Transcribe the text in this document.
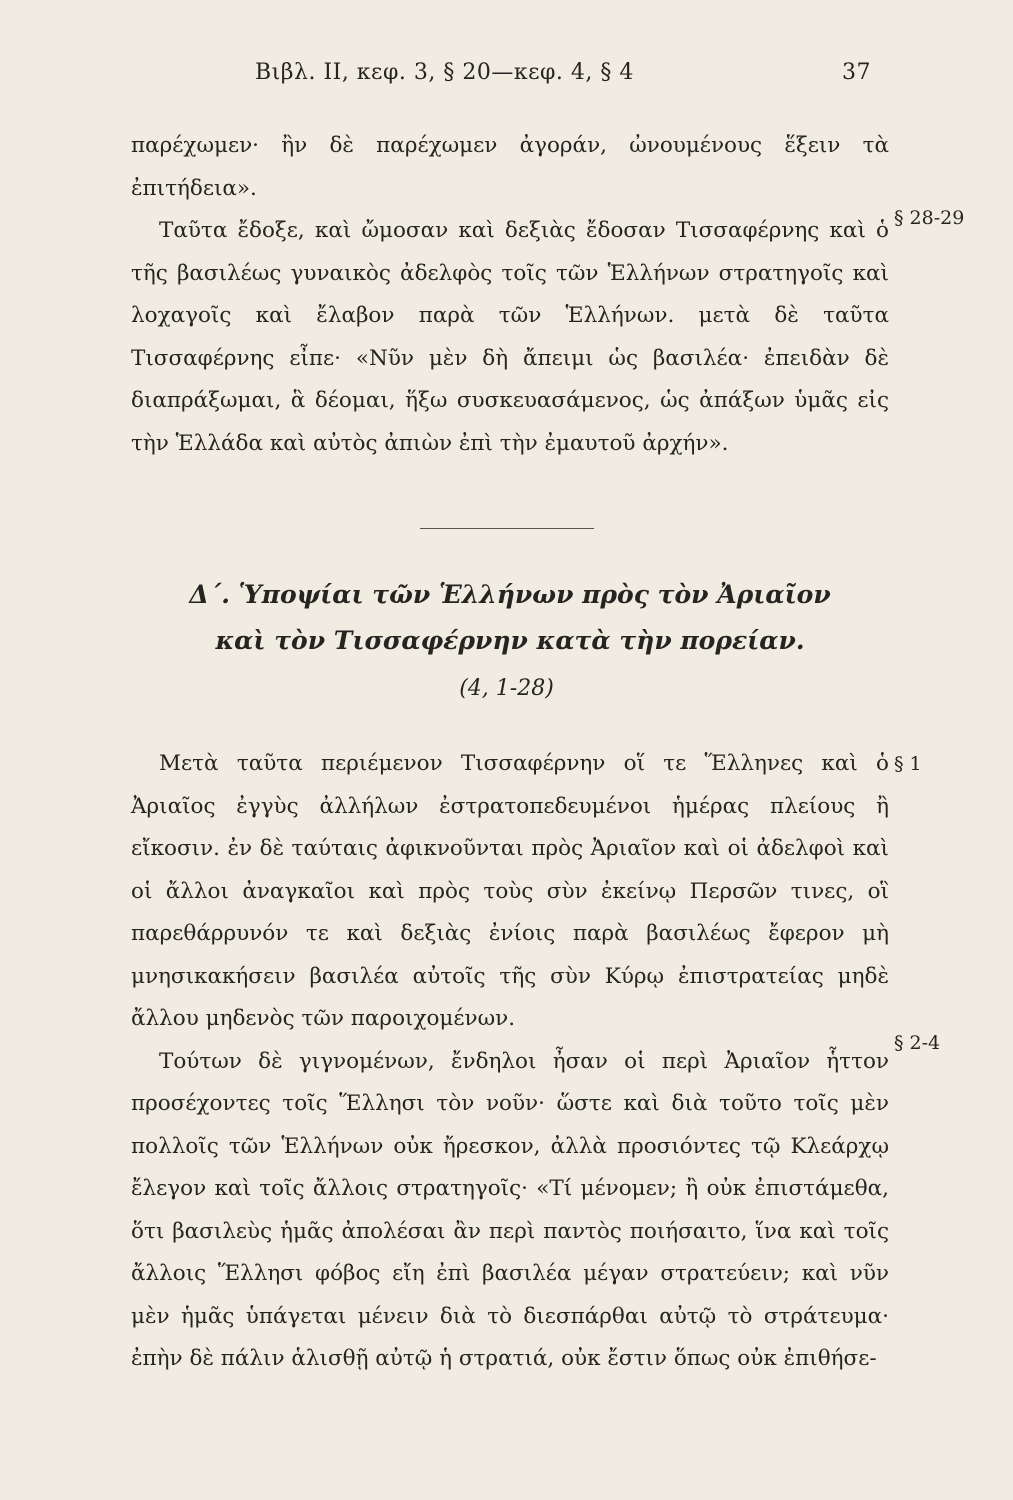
Βιβλ. ΙΙ, κεφ. 3, § 20—κεφ. 4, § 4	37

παρέχωμεν· ἢν δὲ παρέχωμεν ἀγοράν, ὠνουμένους ἕξειν τὰ ἐπιτήδεια».

Ταῦτα ἔδοξε, καὶ ὤμοσαν καὶ δεξιὰς ἔδοσαν Τισσαφέρνης καὶ ὁ τῆς βασιλέως γυναικὸς ἀδελφὸς τοῖς τῶν Ἑλλήνων στρατηγοῖς καὶ λοχαγοῖς καὶ ἔλαβον παρὰ τῶν Ἑλλήνων. μετὰ δὲ ταῦτα Τισσαφέρνης εἶπε· «Νῦν μὲν δὴ ἄπειμι ὡς βασιλέα· ἐπειδὰν δὲ διαπράξωμαι, ἃ δέομαι, ἥξω συσκευασάμενος, ὡς ἀπάξων ὑμᾶς εἰς τὴν Ἑλλάδα καὶ αὐτὸς ἀπιὼν ἐπὶ τὴν ἐμαυτοῦ ἀρχήν».

§ 28-29
Δ΄. Ὑποψίαι τῶν Ἑλλήνων πρὸς τὸν Ἀριαῖον
καὶ τὸν Τισσαφέρνην κατὰ τὴν πορείαν.
(4, 1-28)

Μετὰ ταῦτα περιέμενον Τισσαφέρνην οἵ τε Ἕλληνες καὶ ὁ Ἀριαῖος ἐγγὺς ἀλλήλων ἐστρατοπεδευμένοι ἡμέρας πλείους ἢ εἴκοσιν. ἐν δὲ ταύταις ἀφικνοῦνται πρὸς Ἀριαῖον καὶ οἱ ἀδελφοὶ καὶ οἱ ἄλλοι ἀναγκαῖοι καὶ πρὸς τοὺς σὺν ἐκείνῳ Περσῶν τινες, οἳ παρεθάρρυνόν τε καὶ δεξιὰς ἐνίοις παρὰ βασιλέως ἔφερον μὴ μνησικακήσειν βασιλέα αὐτοῖς τῆς σὺν Κύρῳ ἐπιστρατείας μηδὲ ἄλλου μηδενὸς τῶν παροιχομένων.

Τούτων δὲ γιγνομένων, ἔνδηλοι ἦσαν οἱ περὶ Ἀριαῖον ἧττον προσέχοντες τοῖς Ἕλλησι τὸν νοῦν· ὥστε καὶ διὰ τοῦτο τοῖς μὲν πολλοῖς τῶν Ἑλλήνων οὐκ ἤρεσκον, ἀλλὰ προσιόντες τῷ Κλεάρχῳ ἔλεγον καὶ τοῖς ἄλλοις στρατηγοῖς· «Τί μένομεν; ἢ οὐκ ἐπιστάμεθα, ὅτι βασιλεὺς ἡμᾶς ἀπολέσαι ἂν περὶ παντὸς ποιήσαιτο, ἵνα καὶ τοῖς ἄλλοις Ἕλλησι φόβος εἴη ἐπὶ βασιλέα μέγαν στρατεύειν; καὶ νῦν μὲν ἡμᾶς ὑπάγεται μένειν διὰ τὸ διεσπάρθαι αὐτῷ τὸ στράτευμα· ἐπὴν δὲ πάλιν ἁλισθῇ αὐτῷ ἡ στρατιά, οὐκ ἔστιν ὅπως οὐκ ἐπιθήσε-

§ 1
§ 2-4
